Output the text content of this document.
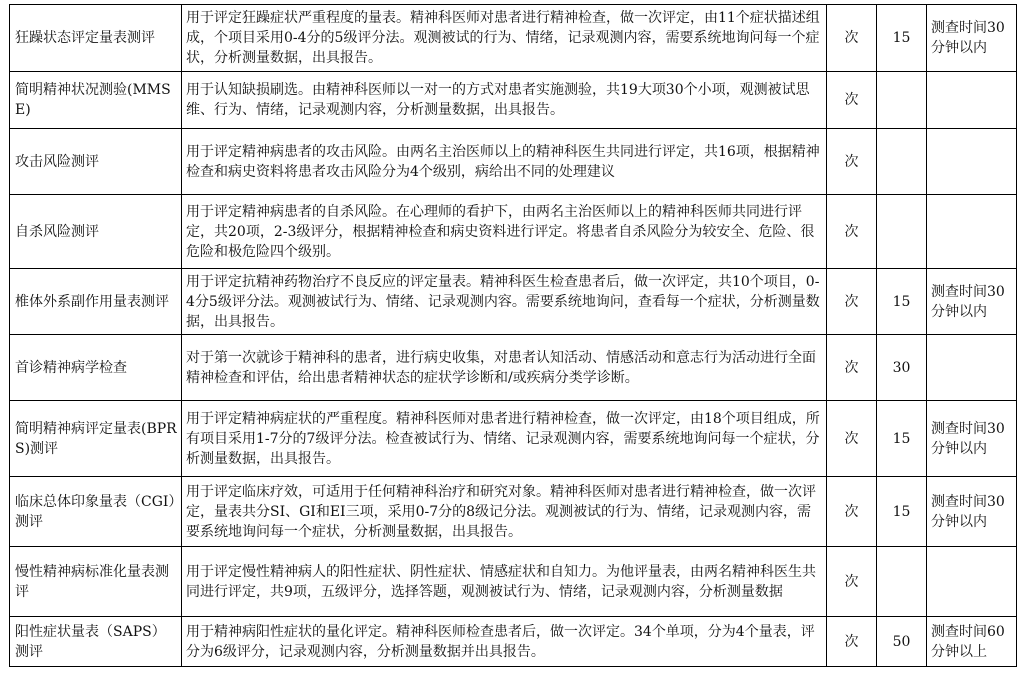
狂躁状态评定量表测评	用于评定狂躁症状严重程度的量表。精神科医师对患者进行精神检查，做一次评定，由11个症状描述组成，个项目采用0-4分的5级评分法。观测被试的行为、情绪，记录观测内容，需要系统地询问每一个症状，分析测量数据，出具报告。	次	15	测查时间30分钟以内
简明精神状况测验(MMSE)	用于认知缺损刷选。由精神科医师以一对一的方式对患者实施测验，共19大项30个小项，观测被试思维、行为、情绪，记录观测内容，分析测量数据，出具报告。	次		
攻击风险测评	用于评定精神病患者的攻击风险。由两名主治医师以上的精神科医生共同进行评定，共16项，根据精神检查和病史资料将患者攻击风险分为4个级别，病给出不同的处理建议	次		
自杀风险测评	用于评定精神病患者的自杀风险。在心理师的看护下，由两名主治医师以上的精神科医师共同进行评定，共20项，2-3级评分，根据精神检查和病史资料进行评定。将患者自杀风险分为较安全、危险、很危险和极危险四个级别。	次		
椎体外系副作用量表测评	用于评定抗精神药物治疗不良反应的评定量表。精神科医生检查患者后，做一次评定，共10个项目，0-4分5级评分法。观测被试行为、情绪、记录观测内容。需要系统地询问，查看每一个症状，分析测量数据，出具报告。	次	15	测查时间30分钟以内
首诊精神病学检查	对于第一次就诊于精神科的患者，进行病史收集，对患者认知活动、情感活动和意志行为活动进行全面精神检查和评估，给出患者精神状态的症状学诊断和/或疾病分类学诊断。	次	30	
简明精神病评定量表(BPRS)测评	用于评定精神病症状的严重程度。精神科医师对患者进行精神检查，做一次评定，由18个项目组成，所有项目采用1-7分的7级评分法。检查被试行为、情绪、记录观测内容，需要系统地询问每一个症状，分析测量数据，出具报告。	次	15	测查时间30分钟以内
临床总体印象量表（CGI）测评	用于评定临床疗效，可适用于任何精神科治疗和研究对象。精神科医师对患者进行精神检查，做一次评定，量表共分SI、GI和EI三项，采用0-7分的8级记分法。观测被试的行为、情绪，记录观测内容，需要系统地询问每一个症状，分析测量数据，出具报告。	次	15	测查时间30分钟以内
慢性精神病标准化量表测评	用于评定慢性精神病人的阳性症状、阴性症状、情感症状和自知力。为他评量表，由两名精神科医生共同进行评定，共9项，五级评分，选择答题，观测被试行为、情绪，记录观测内容，分析测量数据	次		
阳性症状量表（SAPS）测评	用于精神病阳性症状的量化评定。精神科医师检查患者后，做一次评定。34个单项，分为4个量表，评分为6级评分，记录观测内容，分析测量数据并出具报告。	次	50	测查时间60分钟以上
